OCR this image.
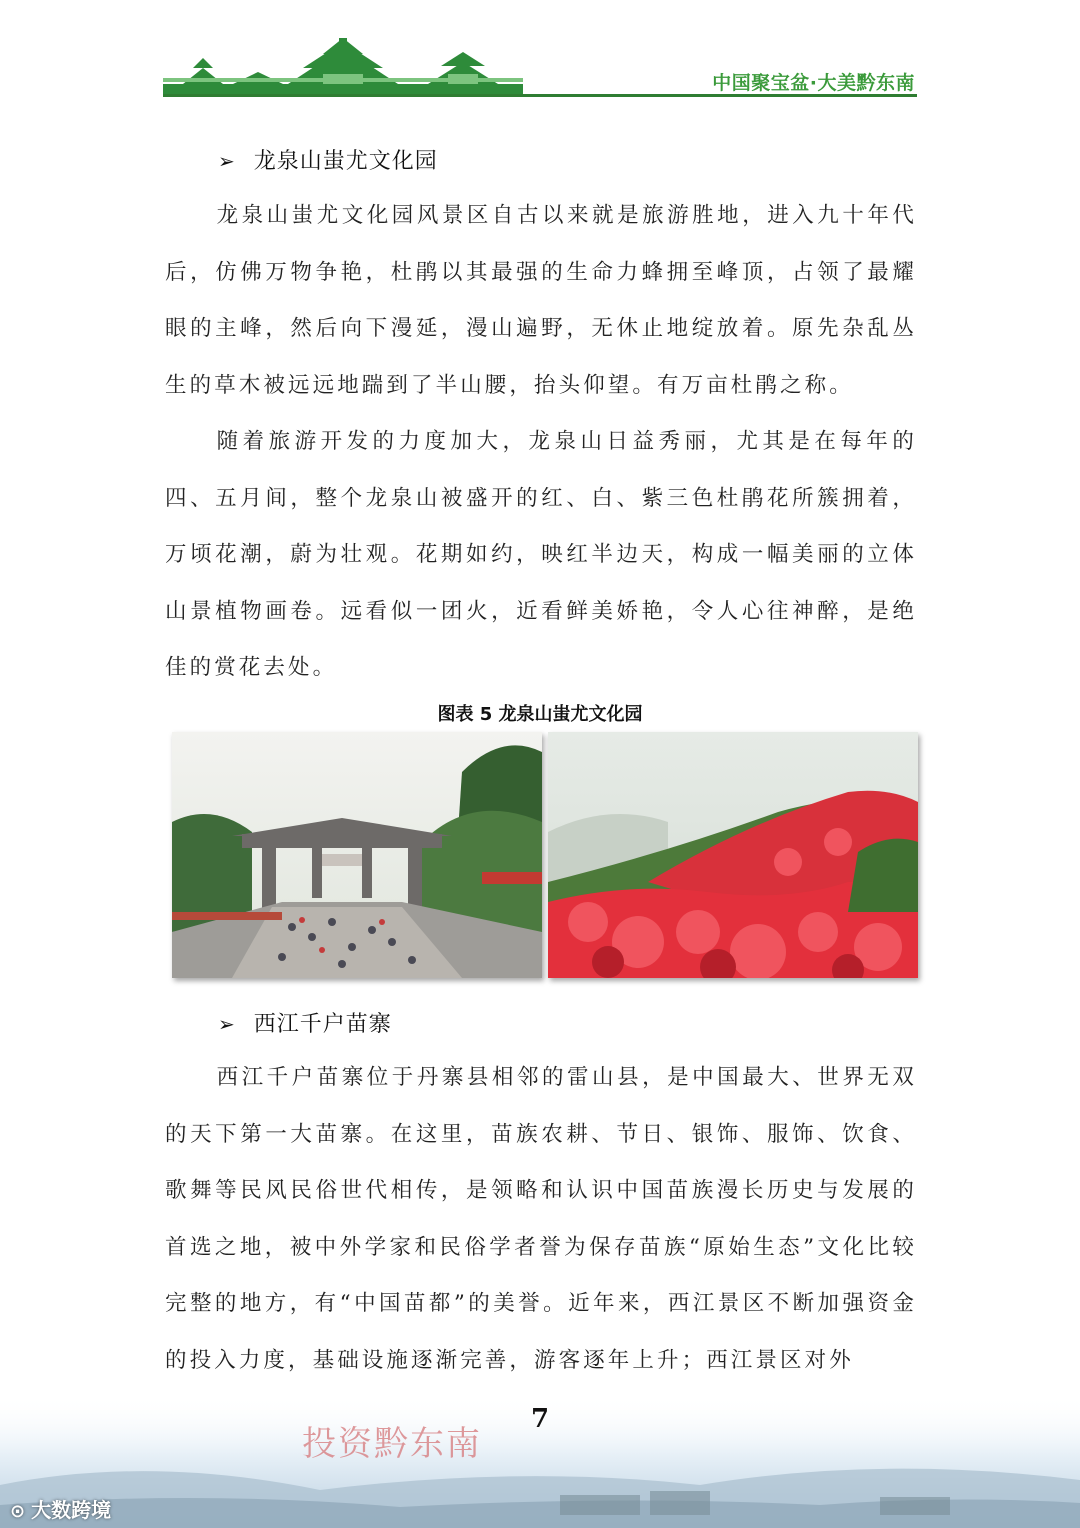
中国聚宝盆·大美黔东南
➢ 龙泉山蚩尤文化园

龙泉山蚩尤文化园风景区自古以来就是旅游胜地，进入九十年代后，仿佛万物争艳，杜鹃以其最强的生命力蜂拥至峰顶，占领了最耀眼的主峰，然后向下漫延，漫山遍野，无休止地绽放着。原先杂乱丛生的草木被远远地踹到了半山腰，抬头仰望。有万亩杜鹃之称。

随着旅游开发的力度加大，龙泉山日益秀丽，尤其是在每年的四、五月间，整个龙泉山被盛开的红、白、紫三色杜鹃花所簇拥着，万顷花潮，蔚为壮观。花期如约，映红半边天，构成一幅美丽的立体山景植物画卷。远看似一团火，近看鲜美娇艳，令人心往神醉，是绝佳的赏花去处。

图表 5 龙泉山蚩尤文化园
➢ 西江千户苗寨

西江千户苗寨位于丹寨县相邻的雷山县，是中国最大、世界无双的天下第一大苗寨。在这里，苗族农耕、节日、银饰、服饰、饮食、歌舞等民风民俗世代相传，是领略和认识中国苗族漫长历史与发展的首选之地，被中外学家和民俗学者誉为保存苗族“原始生态”文化比较完整的地方，有“中国苗都”的美誉。近年来，西江景区不断加强资金的投入力度，基础设施逐渐完善，游客逐年上升；西江景区对外

7
投资黔东南
⊙ 大数跨境
